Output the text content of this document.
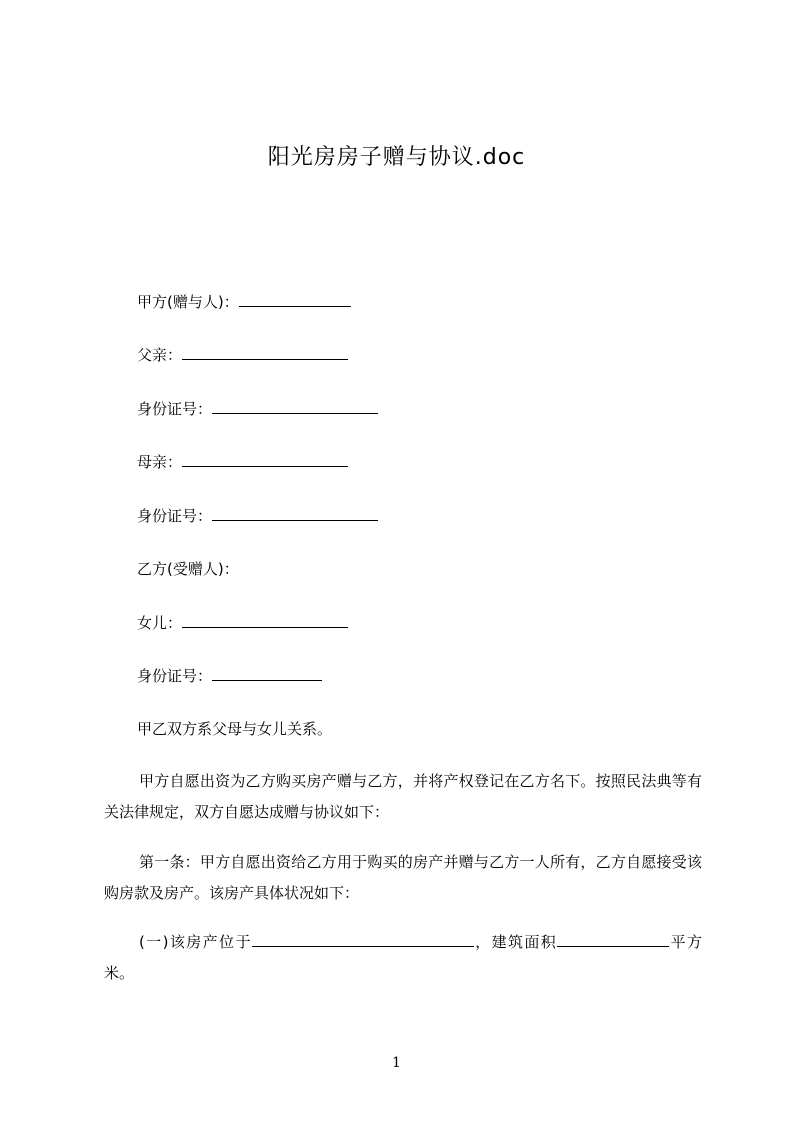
阳光房房子赠与协议.doc
甲方(赠与人)：
父亲：
身份证号：
母亲：
身份证号：
乙方(受赠人)：
女儿：
身份证号：
甲乙双方系父母与女儿关系。
甲方自愿出资为乙方购买房产赠与乙方，并将产权登记在乙方名下。按照民法典等有关法律规定，双方自愿达成赠与协议如下：
第一条：甲方自愿出资给乙方用于购买的房产并赠与乙方一人所有，乙方自愿接受该购房款及房产。该房产具体状况如下：
(一)该房产位于	，建筑面积	平方米。
1
